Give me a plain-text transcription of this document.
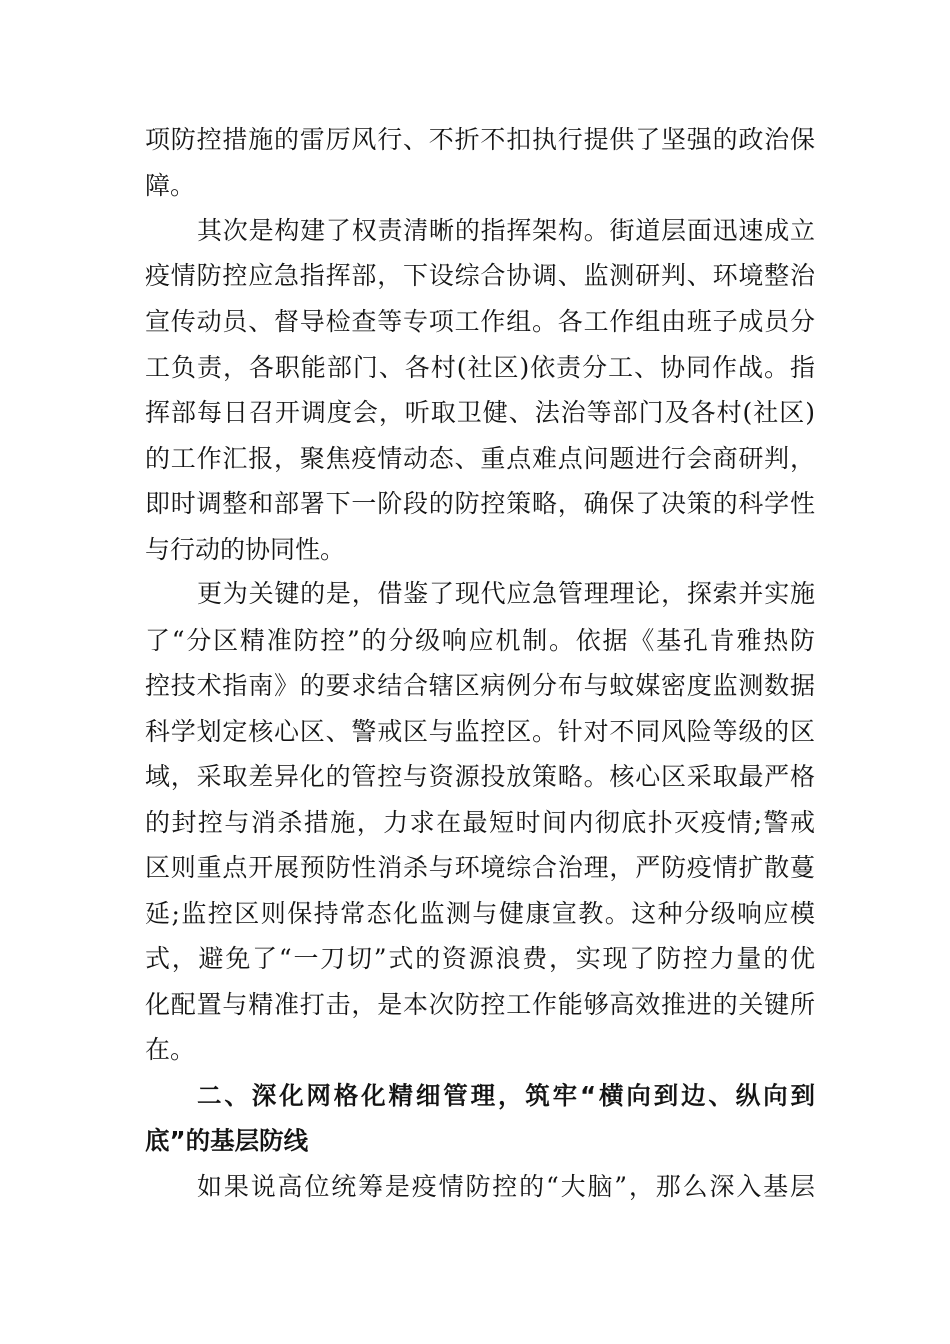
项防控措施的雷厉风行、不折不扣执行提供了坚强的政治保
障。
其次是构建了权责清晰的指挥架构。街道层面迅速成立
疫情防控应急指挥部，下设综合协调、监测研判、环境整治
宣传动员、督导检查等专项工作组。各工作组由班子成员分
工负责，各职能部门、各村(社区)依责分工、协同作战。指
挥部每日召开调度会，听取卫健、法治等部门及各村(社区)
的工作汇报，聚焦疫情动态、重点难点问题进行会商研判，
即时调整和部署下一阶段的防控策略，确保了决策的科学性
与行动的协同性。
更为关键的是，借鉴了现代应急管理理论，探索并实施
了“分区精准防控”的分级响应机制。依据《基孔肯雅热防
控技术指南》的要求结合辖区病例分布与蚊媒密度监测数据
科学划定核心区、警戒区与监控区。针对不同风险等级的区
域，采取差异化的管控与资源投放策略。核心区采取最严格
的封控与消杀措施，力求在最短时间内彻底扑灭疫情;警戒
区则重点开展预防性消杀与环境综合治理，严防疫情扩散蔓
延;监控区则保持常态化监测与健康宣教。这种分级响应模
式，避免了“一刀切”式的资源浪费，实现了防控力量的优
化配置与精准打击，是本次防控工作能够高效推进的关键所
在。
二、深化网格化精细管理，筑牢“横向到边、纵向到
底”的基层防线
如果说高位统筹是疫情防控的“大脑”，那么深入基层
